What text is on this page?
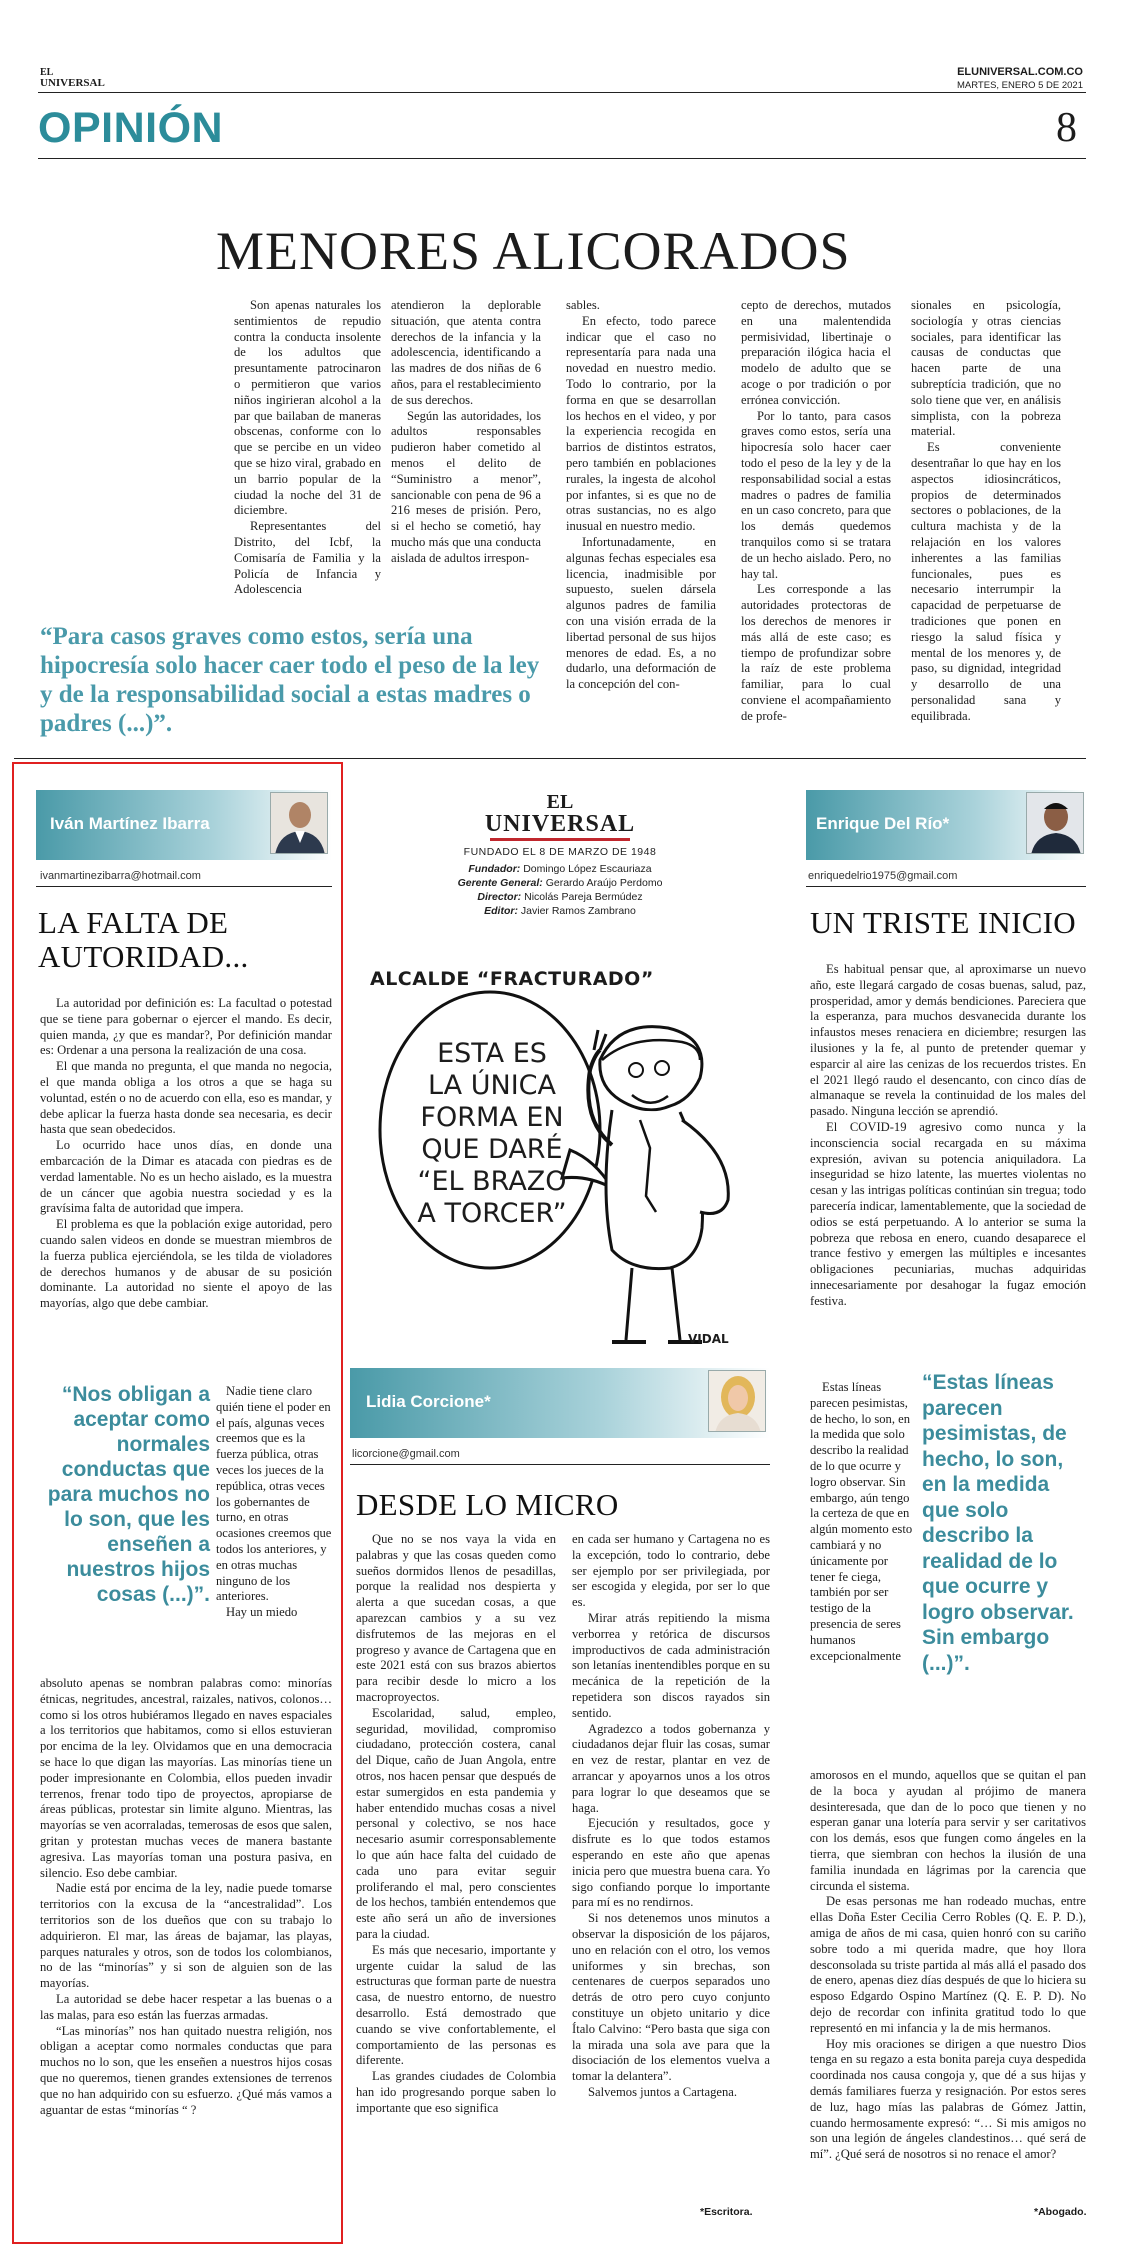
EL
UNIVERSAL
ELUNIVERSAL.COM.CO
MARTES, ENERO 5 DE 2021
OPINIÓN	8
MENORES ALICORADOS

Son apenas naturales los sentimientos de repudio contra la conducta insolente de los adultos que presuntamente patrocinaron o permitieron que varios niños ingirieran alcohol a la par que bailaban de maneras obscenas, conforme con lo que se percibe en un video que se hizo viral, grabado en un barrio popular de la ciudad la noche del 31 de diciembre.

Representantes del Distrito, del Icbf, la Comisaría de Familia y la Policía de Infancia y Adolescencia

atendieron la deplorable situación, que atenta contra derechos de la infancia y la adolescencia, identificando a las madres de dos niñas de 6 años, para el restablecimiento de sus derechos.

Según las autoridades, los adultos responsables pudieron haber cometido al menos el delito de “Suministro a menor”, sancionable con pena de 96 a 216 meses de prisión. Pero, si el hecho se cometió, hay mucho más que una conducta aislada de adultos irrespon-

sables.

En efecto, todo parece indicar que el caso no representaría para nada una novedad en nuestro medio. Todo lo contrario, por la forma en que se desarrollan los hechos en el video, y por la experiencia recogida en barrios de distintos estratos, pero también en poblaciones rurales, la ingesta de alcohol por infantes, si es que no de otras sustancias, no es algo inusual en nuestro medio.

Infortunadamente, en algunas fechas especiales esa licencia, inadmisible por supuesto, suelen dársela algunos padres de familia con una visión errada de la libertad personal de sus hijos menores de edad. Es, a no dudarlo, una deformación de la concepción del con-

cepto de derechos, mutados en una malentendida permisividad, libertinaje o preparación ilógica hacia el modelo de adulto que se acoge o por tradición o por errónea convicción.

Por lo tanto, para casos graves como estos, sería una hipocresía solo hacer caer todo el peso de la ley y de la responsabilidad social a estas madres o padres de familia en un caso concreto, para que los demás quedemos tranquilos como si se tratara de un hecho aislado. Pero, no hay tal.

Les corresponde a las autoridades protectoras de los derechos de menores ir más allá de este caso; es tiempo de profundizar sobre la raíz de este problema familiar, para lo cual conviene el acompañamiento de profe-

sionales en psicología, sociología y otras ciencias sociales, para identificar las causas de conductas que hacen parte de una subreptícia tradición, que no solo tiene que ver, en análisis simplista, con la pobreza material.

Es conveniente desentrañar lo que hay en los aspectos idiosincráticos, propios de determinados sectores o poblaciones, de la cultura machista y de la relajación en los valores inherentes a las familias funcionales, pues es necesario interrumpir la capacidad de perpetuarse de tradiciones que ponen en riesgo la salud física y mental de los menores y, de paso, su dignidad, integridad y desarrollo de una personalidad sana y equilibrada.

“Para casos graves como estos, sería una hipocresía solo hacer caer todo el peso de la ley y de la responsabilidad social a estas madres o padres (...)”.
Iván Martínez Ibarra
ivanmartinezibarra@hotmail.com
LA FALTA DE
AUTORIDAD...

La autoridad por definición es: La facultad o potestad que se tiene para gobernar o ejercer el mando. Es decir, quien manda, ¿y que es mandar?, Por definición mandar es: Ordenar a una persona la realización de una cosa.

El que manda no pregunta, el que manda no negocia, el que manda obliga a los otros a que se haga su voluntad, estén o no de acuerdo con ella, eso es mandar, y debe aplicar la fuerza hasta donde sea necesaria, es decir hasta que sean obedecidos.

Lo ocurrido hace unos días, en donde una embarcación de la Dimar es atacada con piedras es de verdad lamentable. No es un hecho aislado, es la muestra de un cáncer que agobia nuestra sociedad y es la gravísima falta de autoridad que impera.

El problema es que la población exige autoridad, pero cuando salen videos en donde se muestran miembros de la fuerza publica ejerciéndola, se les tilda de violadores de derechos humanos y de abusar de su posición dominante. La autoridad no siente el apoyo de las mayorías, algo que debe cambiar.

“Nos obligan a aceptar como normales conductas que para muchos no lo son, que les enseñen a nuestros hijos cosas (...)”.

Nadie tiene claro quién tiene el poder en el país, algunas veces creemos que es la fuerza pública, otras veces los jueces de la república, otras veces los gobernantes de turno, en otras ocasiones creemos que todos los anteriores, y en otras muchas ninguno de los anteriores.

Hay un miedo

absoluto apenas se nombran palabras como: minorías étnicas, negritudes, ancestral, raizales, nativos, colonos… como si los otros hubiéramos llegado en naves espaciales a los territorios que habitamos, como si ellos estuvieran por encima de la ley. Olvidamos que en una democracia se hace lo que digan las mayorías. Las minorías tiene un poder impresionante en Colombia, ellos pueden invadir terrenos, frenar todo tipo de proyectos, apropiarse de áreas públicas, protestar sin limite alguno. Mientras, las mayorías se ven acorraladas, temerosas de esos que salen, gritan y protestan muchas veces de manera bastante agresiva. Las mayorías toman una postura pasiva, en silencio. Eso debe cambiar.

Nadie está por encima de la ley, nadie puede tomarse territorios con la excusa de la “ancestralidad”. Los territorios son de los dueños que con su trabajo lo adquirieron. El mar, las áreas de bajamar, las playas, parques naturales y otros, son de todos los colombianos, no de las “minorías” y si son de alguien son de las mayorías.

La autoridad se debe hacer respetar a las buenas o a las malas, para eso están las fuerzas armadas.

“Las minorías” nos han quitado nuestra religión, nos obligan a aceptar como normales conductas que para muchos no lo son, que les enseñen a nuestros hijos cosas que no queremos, tienen grandes extensiones de terrenos que no han adquirido con su esfuerzo. ¿Qué más vamos a aguantar de estas “minorías “ ?

EL
UNIVERSAL
FUNDADO EL 8 DE MARZO DE 1948
Fundador: Domingo López Escauriaza
Gerente General: Gerardo Araújo Perdomo
Director: Nicolás Pareja Bermúdez
Editor: Javier Ramos Zambrano
ALCALDE “FRACTURADO”
ESTA ES
LA ÚNICA
FORMA EN
QUE DARÉ
“EL BRAZO
A TORCER”
VIDAL
Lidia Corcione*
licorcione@gmail.com
DESDE LO MICRO

Que no se nos vaya la vida en palabras y que las cosas queden como sueños dormidos llenos de pesadillas, porque la realidad nos despierta y alerta a que sucedan cosas, a que aparezcan cambios y a su vez disfrutemos de las mejoras en el progreso y avance de Cartagena que en este 2021 está con sus brazos abiertos para recibir desde lo micro a los macroproyectos.

Escolaridad, salud, empleo, seguridad, movilidad, compromiso ciudadano, protección costera, canal del Dique, caño de Juan Angola, entre otros, nos hacen pensar que después de estar sumergidos en esta pandemia y haber entendido muchas cosas a nivel personal y colectivo, se nos hace necesario asumir corresponsablemente lo que aún hace falta del cuidado de cada uno para evitar seguir proliferando el mal, pero conscientes de los hechos, también entendemos que este año será un año de inversiones para la ciudad.

Es más que necesario, importante y urgente cuidar la salud de las estructuras que forman parte de nuestra casa, de nuestro entorno, de nuestro desarrollo. Está demostrado que cuando se vive confortablemente, el comportamiento de las personas es diferente.

Las grandes ciudades de Colombia han ido progresando porque saben lo importante que eso significa

en cada ser humano y Cartagena no es la excepción, todo lo contrario, debe ser ejemplo por ser privilegiada, por ser escogida y elegida, por ser lo que es.

Mirar atrás repitiendo la misma verborrea y retórica de discursos improductivos de cada administración son letanías inentendibles porque en su mecánica de la repetición de la repetidera son discos rayados sin sentido.

Agradezco a todos gobernanza y ciudadanos dejar fluir las cosas, sumar en vez de restar, plantar en vez de arrancar y apoyarnos unos a los otros para lograr lo que deseamos que se haga.

Ejecución y resultados, goce y disfrute es lo que todos estamos esperando en este año que apenas inicia pero que muestra buena cara. Yo sigo confiando porque lo importante para mí es no rendirnos.

Si nos detenemos unos minutos a observar la disposición de los pájaros, uno en relación con el otro, los vemos uniformes y sin brechas, son centenares de cuerpos separados uno detrás de otro pero cuyo conjunto constituye un objeto unitario y dice Ítalo Calvino: “Pero basta que siga con la mirada una sola ave para que la disociación de los elementos vuelva a tomar la delantera”.

Salvemos juntos a Cartagena.

*Escritora.
Enrique Del Río*
enriquedelrio1975@gmail.com
UN TRISTE INICIO

Es habitual pensar que, al aproximarse un nuevo año, este llegará cargado de cosas buenas, salud, paz, prosperidad, amor y demás bendiciones. Pareciera que la esperanza, para muchos desvanecida durante los infaustos meses renaciera en diciembre; resurgen las ilusiones y la fe, al punto de pretender quemar y esparcir al aire las cenizas de los recuerdos tristes. En el 2021 llegó raudo el desencanto, con cinco días de almanaque se revela la continuidad de los males del pasado. Ninguna lección se aprendió.

El COVID-19 agresivo como nunca y la inconsciencia social recargada en su máxima expresión, avivan su potencia aniquiladora. La inseguridad se hizo latente, las muertes violentas no cesan y las intrigas políticas continúan sin tregua; todo parecería indicar, lamentablemente, que la sociedad de odios se está perpetuando. A lo anterior se suma la pobreza que rebosa en enero, cuando desaparece el trance festivo y emergen las múltiples e incesantes obligaciones pecuniarias, muchas adquiridas innecesariamente por desahogar la fugaz emoción festiva.

Estas líneas parecen pesimistas, de hecho, lo son, en la medida que solo describo la realidad de lo que ocurre y logro observar. Sin embargo, aún tengo la certeza de que en algún momento esto cambiará y no únicamente por tener fe ciega, también por ser testigo de la presencia de seres humanos excepcionalmente

“Estas líneas parecen pesimistas, de hecho, lo son, en la medida que solo describo la realidad de lo que ocurre y logro observar. Sin embargo (...)”.

amorosos en el mundo, aquellos que se quitan el pan de la boca y ayudan al prójimo de manera desinteresada, que dan de lo poco que tienen y no esperan ganar una lotería para servir y ser caritativos con los demás, esos que fungen como ángeles en la tierra, que siembran con hechos la ilusión de una familia inundada en lágrimas por la carencia que circunda el sistema.

De esas personas me han rodeado muchas, entre ellas Doña Ester Cecilia Cerro Robles (Q. E. P. D.), amiga de años de mi casa, quien honró con su cariño sobre todo a mi querida madre, que hoy llora desconsolada su triste partida al más allá el pasado dos de enero, apenas diez días después de que lo hiciera su esposo Edgardo Ospino Martínez (Q. E. P. D). No dejo de recordar con infinita gratitud todo lo que representó en mi infancia y la de mis hermanos.

Hoy mis oraciones se dirigen a que nuestro Dios tenga en su regazo a esta bonita pareja cuya despedida coordinada nos causa congoja y, que dé a sus hijas y demás familiares fuerza y resignación. Por estos seres de luz, hago mías las palabras de Gómez Jattin, cuando hermosamente expresó: “… Si mis amigos no son una legión de ángeles clandestinos… qué será de mí”. ¿Qué será de nosotros si no renace el amor?

*Abogado.
